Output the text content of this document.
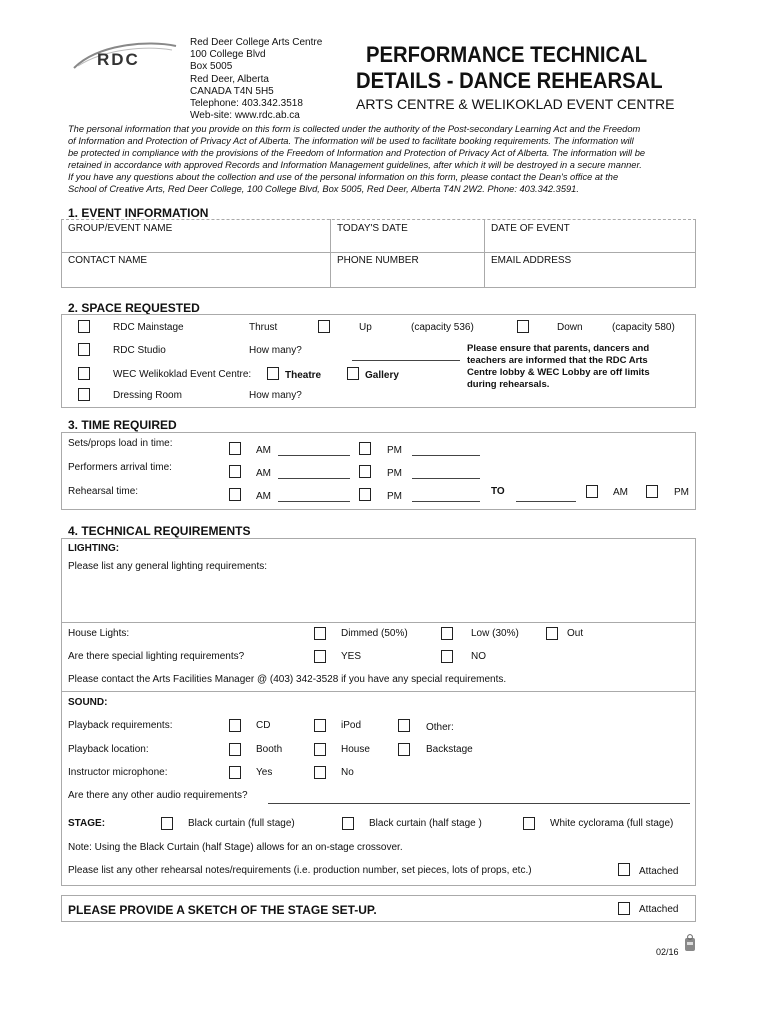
RDC
Red Deer College Arts Centre
100 College Blvd
Box 5005
Red Deer, Alberta
CANADA T4N 5H5
Telephone: 403.342.3518
Web-site: www.rdc.ab.ca
PERFORMANCE TECHNICAL
DETAILS - DANCE REHEARSAL
ARTS CENTRE & WELIKOKLAD EVENT CENTRE
The personal information that you provide on this form is collected under the authority of the Post-secondary Learning Act and the Freedom
of Information and Protection of Privacy Act of Alberta. The information will be used to facilitate booking requirements. The information will
be protected in compliance with the provisions of the Freedom of Information and Protection of Privacy Act of Alberta. The information will be
retained in accordance with approved Records and Information Management guidelines, after which it will be destroyed in a secure manner.
If you have any questions about the collection and use of the personal information on this form, please contact the Dean's office at the
School of Creative Arts, Red Deer College, 100 College Blvd, Box 5005, Red Deer, Alberta T4N 2W2. Phone: 403.342.3591.
1. EVENT INFORMATION
GROUP/EVENT NAME	TODAY'S DATE	DATE OF EVENT
CONTACT NAME	PHONE NUMBER	EMAIL ADDRESS
2. SPACE REQUESTED
RDC Mainstage	Thrust	Up	(capacity 536)	Down	(capacity 580)
RDC Studio	How many?
WEC Welikoklad Event Centre:	Theatre	Gallery
Dressing Room	How many?
Please ensure that parents, dancers and
teachers are informed that the RDC Arts
Centre lobby & WEC Lobby are off limits
during rehearsals.
3. TIME REQUIRED
Sets/props load in time:
AM	PM
Performers arrival time:
AM	PM
Rehearsal time:	AM	PM	TO	AM	PM
4. TECHNICAL REQUIREMENTS
LIGHTING:
Please list any general lighting requirements:
House Lights:	Dimmed (50%)	Low (30%)	Out
Are there special lighting requirements?	YES	NO
Please contact the Arts Facilities Manager @ (403) 342-3528 if you have any special requirements.
SOUND:
Playback requirements:	CD	iPod	Other:
Playback location:	Booth	House	Backstage
Instructor microphone:	Yes	No
Are there any other audio requirements?
STAGE:	Black curtain (full stage)	Black curtain (half stage )	White cyclorama (full stage)
Note: Using the Black Curtain (half Stage) allows for an on-stage crossover.
Please list any other rehearsal notes/requirements (i.e. production number, set pieces, lots of props, etc.)	Attached
PLEASE PROVIDE A SKETCH OF THE STAGE SET-UP.	Attached
02/16
